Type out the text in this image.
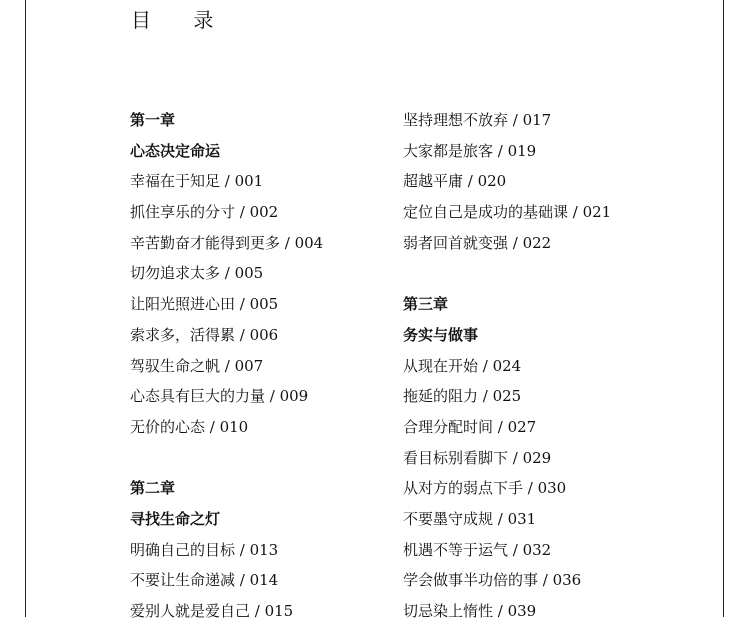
目 录
第一章
心态决定命运
幸福在于知足 / 001
抓住享乐的分寸 / 002
辛苦勤奋才能得到更多 / 004
切勿追求太多 / 005
让阳光照进心田 / 005
索求多，活得累 / 006
驾驭生命之帆 / 007
心态具有巨大的力量 / 009
无价的心态 / 010
第二章
寻找生命之灯
明确自己的目标 / 013
不要让生命递减 / 014
爱别人就是爱自己 / 015
坚持理想不放弃 / 017
大家都是旅客 / 019
超越平庸 / 020
定位自己是成功的基础课 / 021
弱者回首就变强 / 022
第三章
务实与做事
从现在开始 / 024
拖延的阻力 / 025
合理分配时间 / 027
看目标别看脚下 / 029
从对方的弱点下手 / 030
不要墨守成规 / 031
机遇不等于运气 / 032
学会做事半功倍的事 / 036
切忌染上惰性 / 039
